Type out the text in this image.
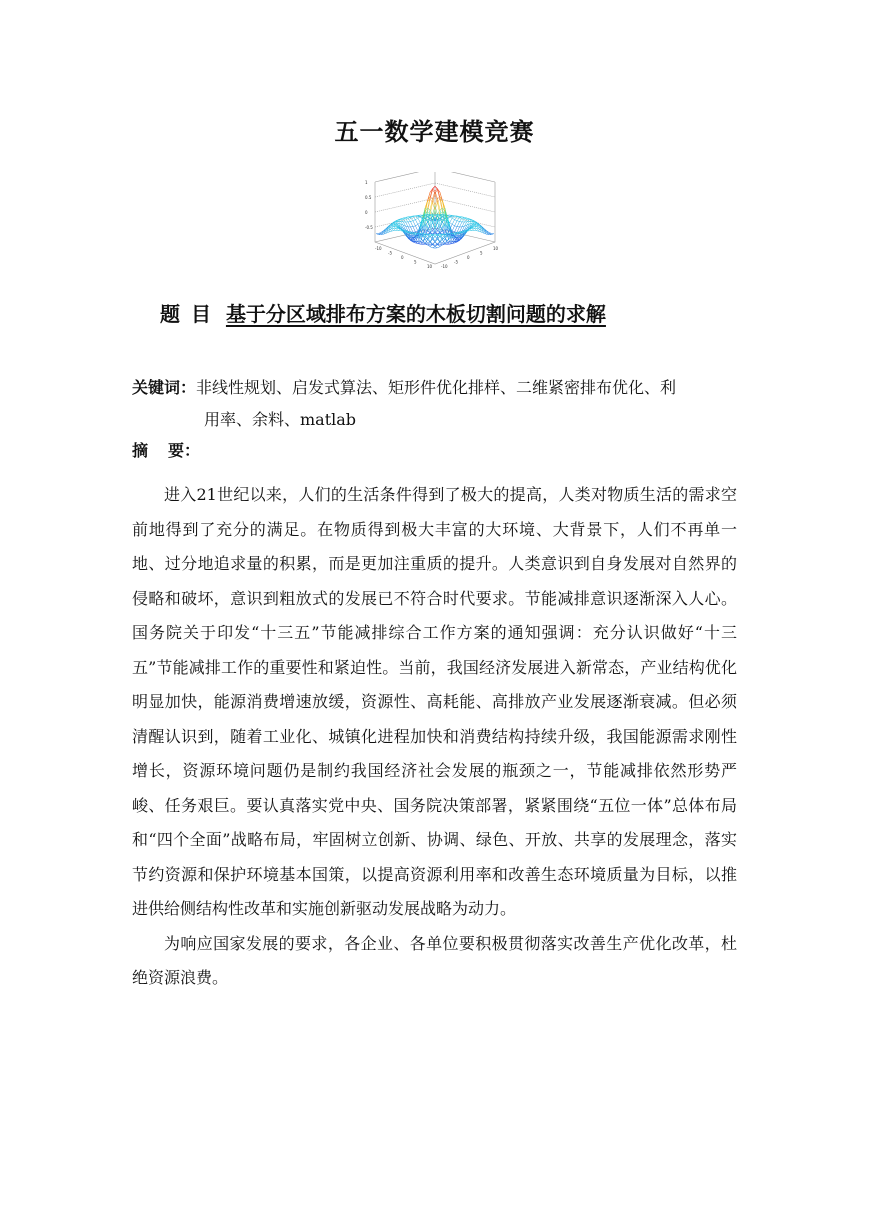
五一数学建模竞赛
1
0.5
0
-0.5
-10
-5
0
5
10 -10
-5
0
5
10
题 目 基于分区域排布方案的木板切割问题的求解
关键词：非线性规划、启发式算法、矩形件优化排样、二维紧密排布优化、利
用率、余料、matlab
摘 要：

进入21世纪以来，人们的生活条件得到了极大的提高，人类对物质生活的需求空前地得到了充分的满足。在物质得到极大丰富的大环境、大背景下，人们不再单一地、过分地追求量的积累，而是更加注重质的提升。人类意识到自身发展对自然界的侵略和破坏，意识到粗放式的发展已不符合时代要求。节能减排意识逐渐深入人心。国务院关于印发“十三五”节能减排综合工作方案的通知强调：充分认识做好“十三五”节能减排工作的重要性和紧迫性。当前，我国经济发展进入新常态，产业结构优化明显加快，能源消费增速放缓，资源性、高耗能、高排放产业发展逐渐衰减。但必须清醒认识到，随着工业化、城镇化进程加快和消费结构持续升级，我国能源需求刚性增长，资源环境问题仍是制约我国经济社会发展的瓶颈之一，节能减排依然形势严峻、任务艰巨。要认真落实党中央、国务院决策部署，紧紧围绕“五位一体”总体布局和“四个全面”战略布局，牢固树立创新、协调、绿色、开放、共享的发展理念，落实节约资源和保护环境基本国策，以提高资源利用率和改善生态环境质量为目标，以推进供给侧结构性改革和实施创新驱动发展战略为动力。

为响应国家发展的要求，各企业、各单位要积极贯彻落实改善生产优化改革，杜绝资源浪费。
